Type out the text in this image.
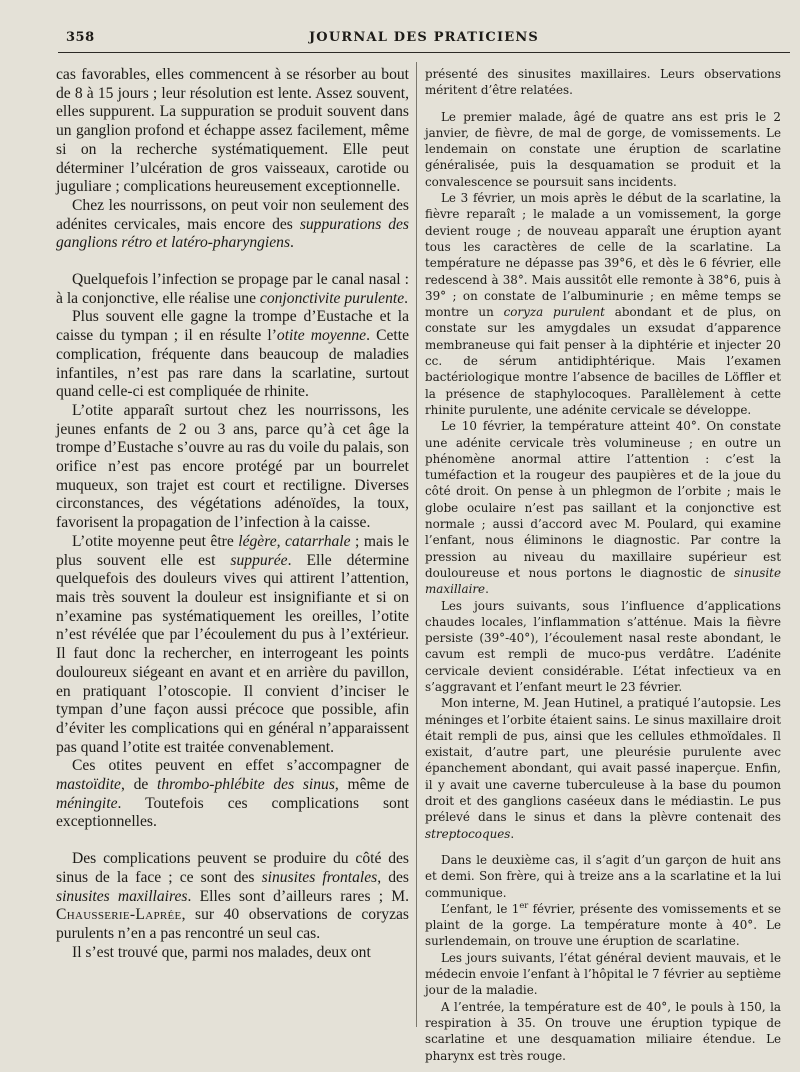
358	JOURNAL DES PRATICIENS

cas favorables, elles commencent à se résorber au bout de 8 à 15 jours ; leur résolution est lente. Assez souvent, elles suppurent. La suppuration se produit souvent dans un ganglion profond et échappe assez facilement, même si on la recherche systématiquement. Elle peut déterminer l’ulcération de gros vaisseaux, carotide ou juguliare ; complications heureusement exceptionnelle.

Chez les nourrissons, on peut voir non seulement des adénites cervicales, mais encore des suppurations des ganglions rétro et latéro-pharyngiens.

Quelquefois l’infection se propage par le canal nasal : à la conjonctive, elle réalise une conjonctivite purulente.

Plus souvent elle gagne la trompe d’Eustache et la caisse du tympan ; il en résulte l’otite moyenne. Cette complication, fréquente dans beaucoup de maladies infantiles, n’est pas rare dans la scarlatine, surtout quand celle-ci est compliquée de rhinite.

L’otite apparaît surtout chez les nourrissons, les jeunes enfants de 2 ou 3 ans, parce qu’à cet âge la trompe d’Eustache s’ouvre au ras du voile du palais, son orifice n’est pas encore protégé par un bourrelet muqueux, son trajet est court et rectiligne. Diverses circonstances, des végétations adénoïdes, la toux, favorisent la propagation de l’infection à la caisse.

L’otite moyenne peut être légère, catarrhale ; mais le plus souvent elle est suppurée. Elle détermine quelquefois des douleurs vives qui attirent l’attention, mais très souvent la douleur est insignifiante et si on n’examine pas systématiquement les oreilles, l’otite n’est révélée que par l’écoulement du pus à l’extérieur. Il faut donc la rechercher, en interrogeant les points douloureux siégeant en avant et en arrière du pavillon, en pratiquant l’otoscopie. Il convient d’inciser le tympan d’une façon aussi précoce que possible, afin d’éviter les complications qui en général n’apparaissent pas quand l’otite est traitée convenablement.

Ces otites peuvent en effet s’accompagner de mastoïdite, de thrombo-phlébite des sinus, même de méningite. Toutefois ces complications sont exceptionnelles.

Des complications peuvent se produire du côté des sinus de la face ; ce sont des sinusites frontales, des sinusites maxillaires. Elles sont d’ailleurs rares ; M. Chausserie-Laprée, sur 40 observations de coryzas purulents n’en a pas rencontré un seul cas.

Il s’est trouvé que, parmi nos malades, deux ont

présenté des sinusites maxillaires. Leurs observations méritent d’être relatées.

Le premier malade, âgé de quatre ans est pris le 2 janvier, de fièvre, de mal de gorge, de vomissements. Le lendemain on constate une éruption de scarlatine généralisée, puis la desquamation se produit et la convalescence se poursuit sans incidents.

Le 3 février, un mois après le début de la scarlatine, la fièvre reparaît ; le malade a un vomissement, la gorge devient rouge ; de nouveau apparaît une éruption ayant tous les caractères de celle de la scarlatine. La température ne dépasse pas 39°6, et dès le 6 février, elle redescend à 38°. Mais aussitôt elle remonte à 38°6, puis à 39° ; on constate de l’albuminurie ; en même temps se montre un coryza purulent abondant et de plus, on constate sur les amygdales un exsudat d’apparence membraneuse qui fait penser à la diphtérie et injecter 20 cc. de sérum antidiphtérique. Mais l’examen bactériologique montre l’absence de bacilles de Löffler et la présence de staphylocoques. Parallèlement à cette rhinite purulente, une adénite cervicale se développe.

Le 10 février, la température atteint 40°. On constate une adénite cervicale très volumineuse ; en outre un phénomène anormal attire l’attention : c’est la tuméfaction et la rougeur des paupières et de la joue du côté droit. On pense à un phlegmon de l’orbite ; mais le globe oculaire n’est pas saillant et la conjonctive est normale ; aussi d’accord avec M. Poulard, qui examine l’enfant, nous éliminons le diagnostic. Par contre la pression au niveau du maxillaire supérieur est douloureuse et nous portons le diagnostic de sinusite maxillaire.

Les jours suivants, sous l’influence d’applications chaudes locales, l’inflammation s’atténue. Mais la fièvre persiste (39°-40°), l’écoulement nasal reste abondant, le cavum est rempli de muco-pus verdâtre. L’adénite cervicale devient considérable. L’état infectieux va en s’aggravant et l’enfant meurt le 23 février.

Mon interne, M. Jean Hutinel, a pratiqué l’autopsie. Les méninges et l’orbite étaient sains. Le sinus maxillaire droit était rempli de pus, ainsi que les cellules ethmoïdales. Il existait, d’autre part, une pleurésie purulente avec épanchement abondant, qui avait passé inaperçue. Enfin, il y avait une caverne tuberculeuse à la base du poumon droit et des ganglions caséeux dans le médiastin. Le pus prélevé dans le sinus et dans la plèvre contenait des streptocoques.

Dans le deuxième cas, il s’agit d’un garçon de huit ans et demi. Son frère, qui à treize ans a la scarlatine et la lui communique.

L’enfant, le 1er février, présente des vomissements et se plaint de la gorge. La température monte à 40°. Le surlendemain, on trouve une éruption de scarlatine.

Les jours suivants, l’état général devient mauvais, et le médecin envoie l’enfant à l’hôpital le 7 février au septième jour de la maladie.

A l’entrée, la température est de 40°, le pouls à 150, la respiration à 35. On trouve une éruption typique de scarlatine et une desquamation miliaire étendue. Le pharynx est très rouge.
